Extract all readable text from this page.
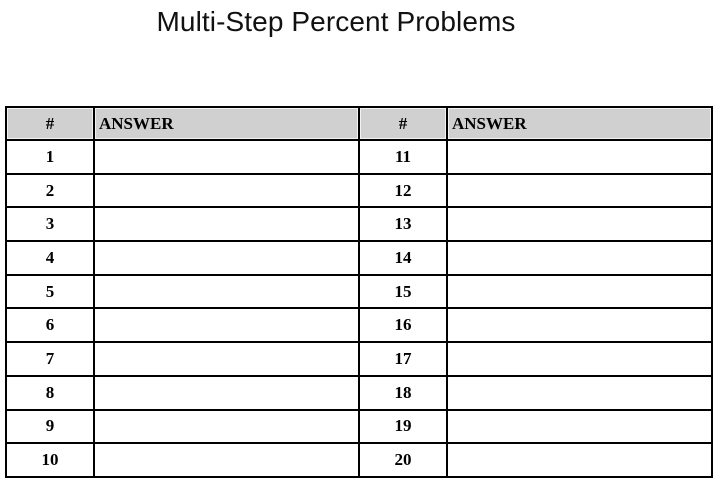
Multi-Step Percent Problems
#	ANSWER	#	ANSWER
1		11	
2		12	
3		13	
4		14	
5		15	
6		16	
7		17	
8		18	
9		19	
10		20	
